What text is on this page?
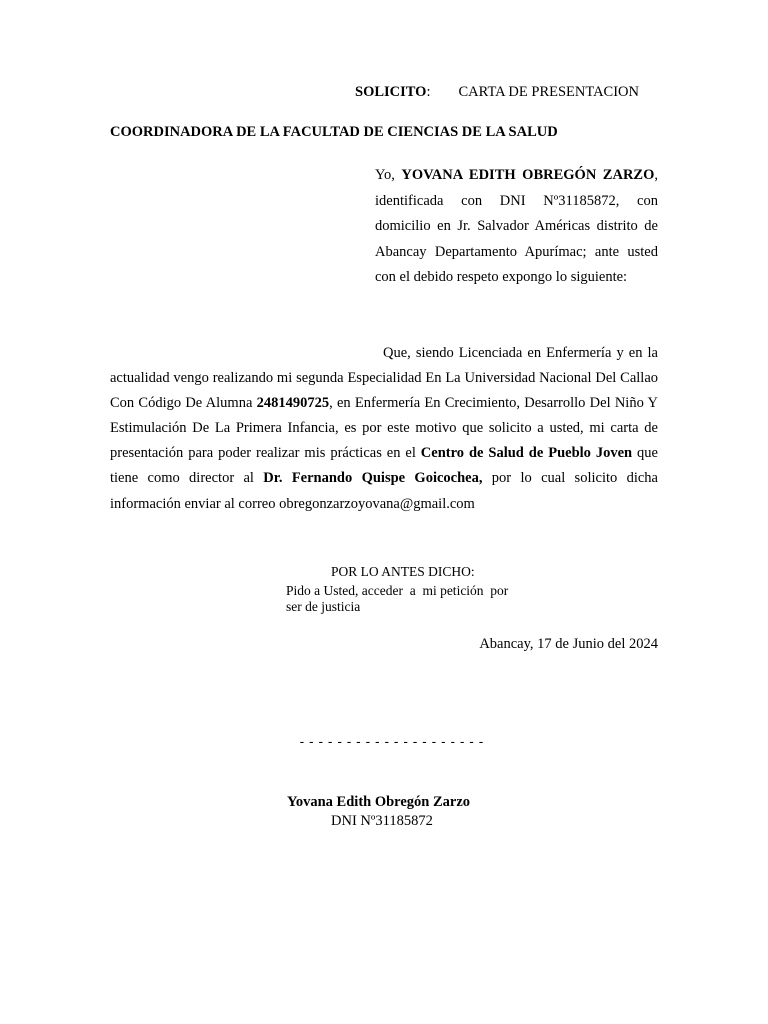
SOLICITO: CARTA DE PRESENTACION
COORDINADORA DE LA FACULTAD DE CIENCIAS DE LA SALUD
Yo, YOVANA EDITH OBREGÓN ZARZO, identificada con DNI Nº31185872, con domicilio en Jr. Salvador Américas distrito de Abancay Departamento Apurímac; ante usted con el debido respeto expongo lo siguiente:
Que, siendo Licenciada en Enfermería y en la actualidad vengo realizando mi segunda Especialidad En La Universidad Nacional Del Callao Con Código De Alumna 2481490725, en Enfermería En Crecimiento, Desarrollo Del Niño Y Estimulación De La Primera Infancia, es por este motivo que solicito a usted, mi carta de presentación para poder realizar mis prácticas en el Centro de Salud de Pueblo Joven que tiene como director al Dr. Fernando Quispe Goicochea, por lo cual solicito dicha información enviar al correo obregonzarzoyovana@gmail.com
POR LO ANTES DICHO:
Pido a Usted, acceder  a  mi petición  por
ser de justicia
Abancay, 17 de Junio del 2024
--------------------
Yovana Edith Obregón Zarzo
DNI Nº31185872
